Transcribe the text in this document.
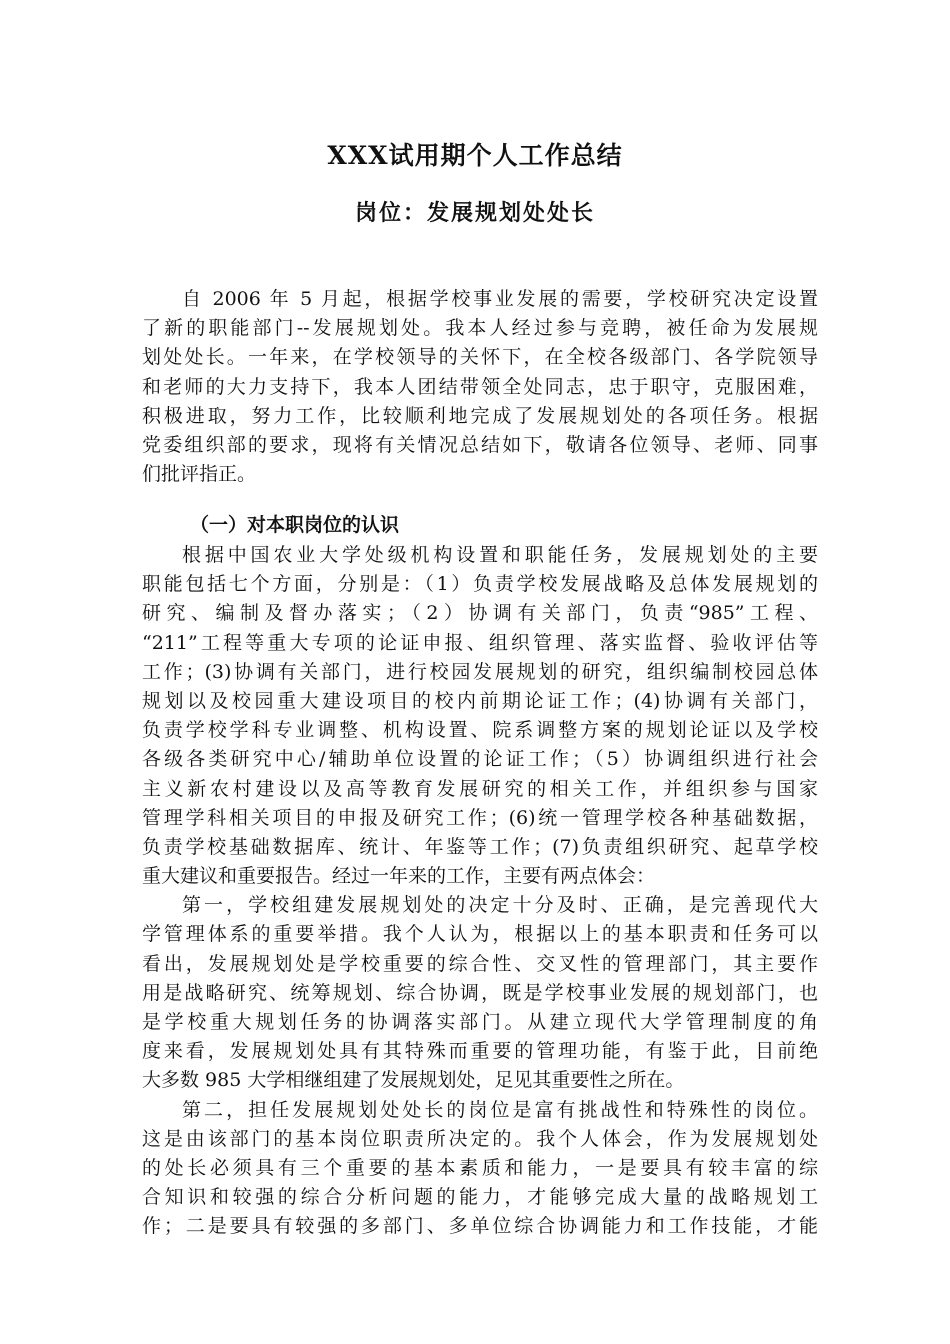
XXX试用期个人工作总结
岗位：发展规划处处长
自 2006 年 5 月起，根据学校事业发展的需要，学校研究决定设置
了新的职能部门--发展规划处。我本人经过参与竞聘，被任命为发展规
划处处长。一年来，在学校领导的关怀下，在全校各级部门、各学院领导
和老师的大力支持下，我本人团结带领全处同志，忠于职守，克服困难，
积极进取，努力工作，比较顺利地完成了发展规划处的各项任务。根据
党委组织部的要求，现将有关情况总结如下，敬请各位领导、老师、同事
们批评指正。
（一）对本职岗位的认识
根据中国农业大学处级机构设置和职能任务，发展规划处的主要
职能包括七个方面，分别是：（1）负责学校发展战略及总体发展规划的
研究、编制及督办落实；（2）协调有关部门，负责“985”工程、
“211”工程等重大专项的论证申报、组织管理、落实监督、验收评估等
工作；(3)协调有关部门，进行校园发展规划的研究，组织编制校园总体
规划以及校园重大建设项目的校内前期论证工作；(4)协调有关部门，
负责学校学科专业调整、机构设置、院系调整方案的规划论证以及学校
各级各类研究中心/辅助单位设置的论证工作；（5）协调组织进行社会
主义新农村建设以及高等教育发展研究的相关工作，并组织参与国家
管理学科相关项目的申报及研究工作；(6)统一管理学校各种基础数据，
负责学校基础数据库、统计、年鉴等工作；(7)负责组织研究、起草学校
重大建议和重要报告。经过一年来的工作，主要有两点体会：
第一，学校组建发展规划处的决定十分及时、正确，是完善现代大
学管理体系的重要举措。我个人认为，根据以上的基本职责和任务可以
看出，发展规划处是学校重要的综合性、交叉性的管理部门，其主要作
用是战略研究、统筹规划、综合协调，既是学校事业发展的规划部门，也
是学校重大规划任务的协调落实部门。从建立现代大学管理制度的角
度来看，发展规划处具有其特殊而重要的管理功能，有鉴于此，目前绝
大多数 985 大学相继组建了发展规划处，足见其重要性之所在。
第二，担任发展规划处处长的岗位是富有挑战性和特殊性的岗位。
这是由该部门的基本岗位职责所决定的。我个人体会，作为发展规划处
的处长必须具有三个重要的基本素质和能力，一是要具有较丰富的综
合知识和较强的综合分析问题的能力，才能够完成大量的战略规划工
作；二是要具有较强的多部门、多单位综合协调能力和工作技能，才能
